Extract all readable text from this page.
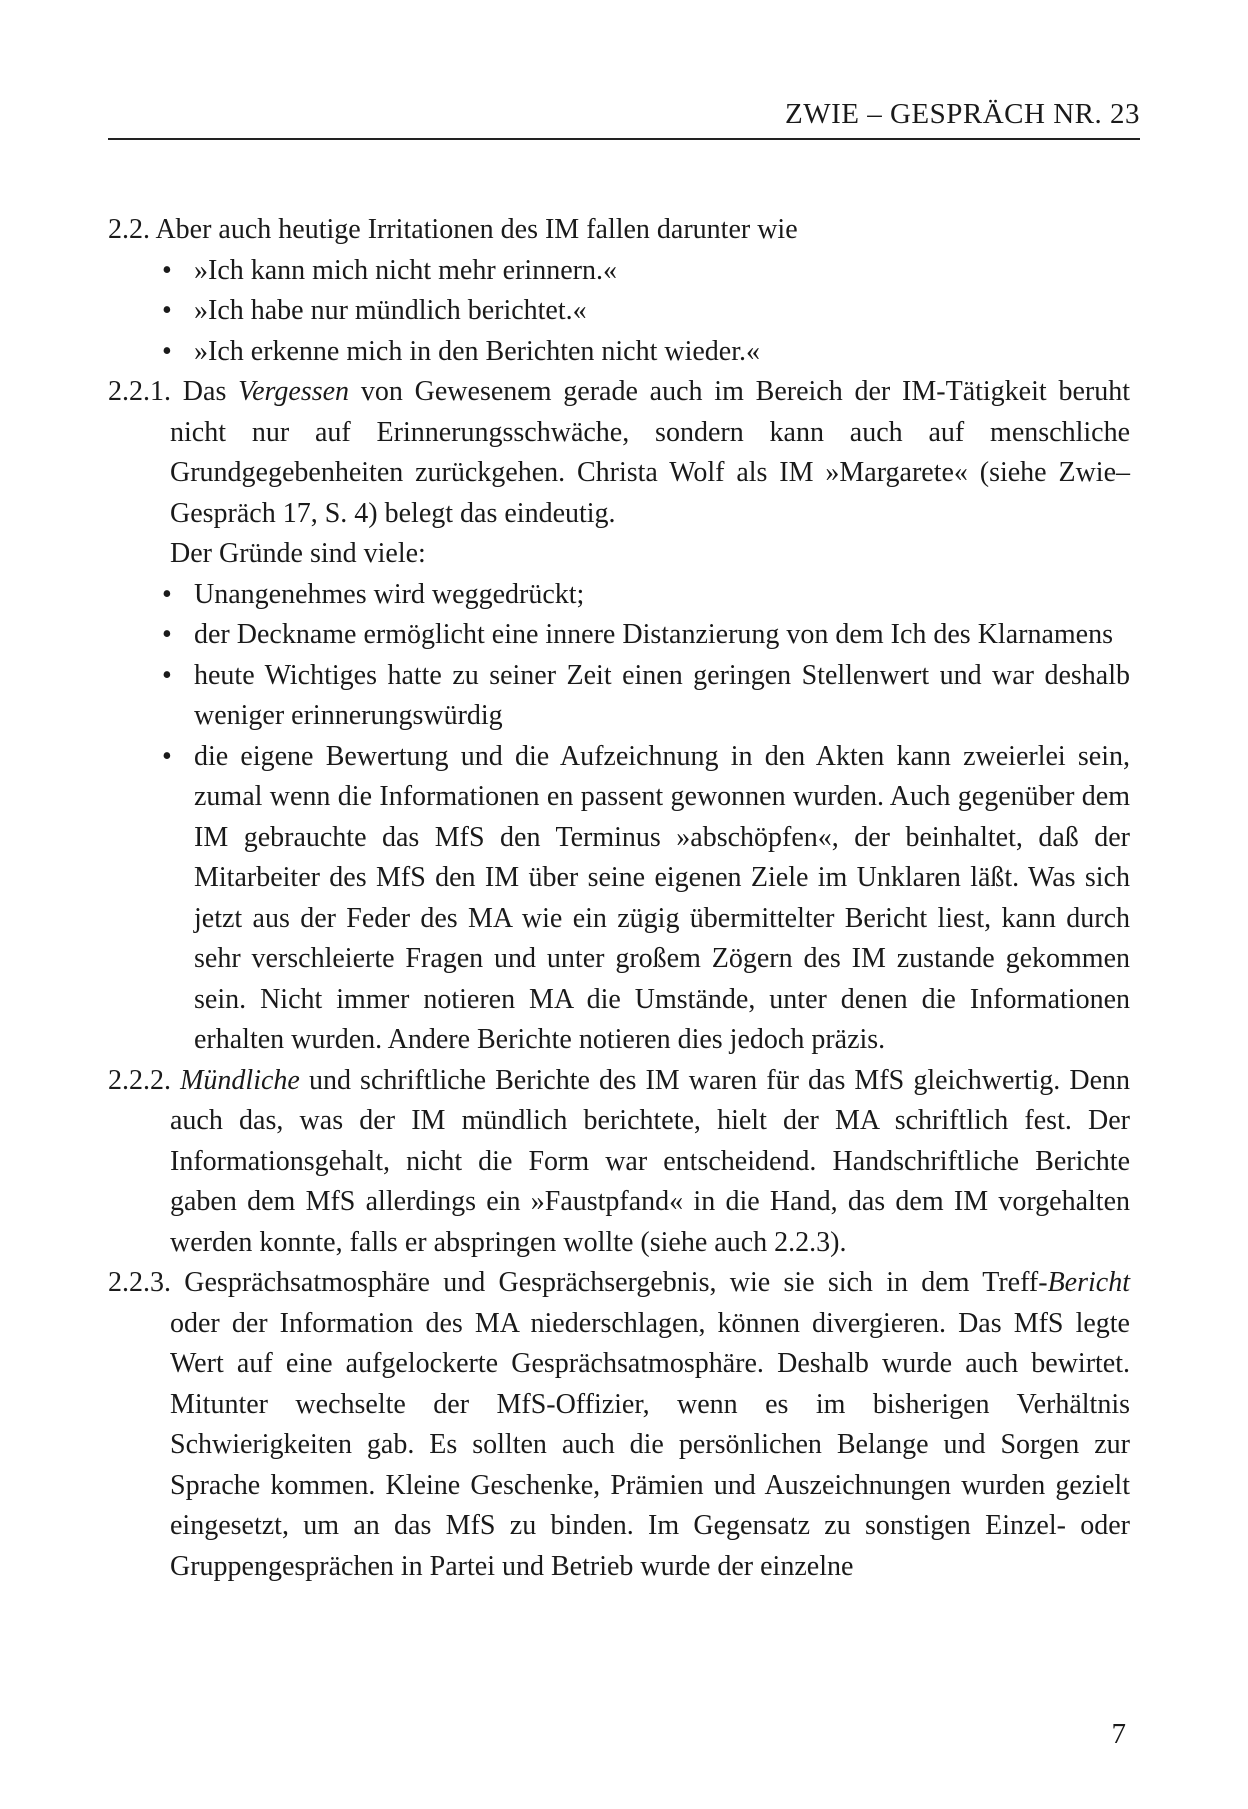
ZWIE – GESPRÄCH NR. 23

2.2. Aber auch heutige Irritationen des IM fallen darunter wie

• »Ich kann mich nicht mehr erinnern.«
• »Ich habe nur mündlich berichtet.«
• »Ich erkenne mich in den Berichten nicht wieder.«

2.2.1. Das Vergessen von Gewesenem gerade auch im Bereich der IM-Tätigkeit beruht nicht nur auf Erinnerungsschwäche, sondern kann auch auf menschliche Grundgegebenheiten zurückgehen. Christa Wolf als IM »Margarete« (siehe Zwie–Gespräch 17, S. 4) belegt das eindeutig.

Der Gründe sind viele:

• Unangenehmes wird weggedrückt;
• der Deckname ermöglicht eine innere Distanzierung von dem Ich des Klarnamens
• heute Wichtiges hatte zu seiner Zeit einen geringen Stellenwert und war deshalb weniger erinnerungswürdig
• die eigene Bewertung und die Aufzeichnung in den Akten kann zweierlei sein, zumal wenn die Informationen en passent gewonnen wurden. Auch gegenüber dem IM gebrauchte das MfS den Terminus »abschöpfen«, der beinhaltet, daß der Mitarbeiter des MfS den IM über seine eigenen Ziele im Unklaren läßt. Was sich jetzt aus der Feder des MA wie ein zügig übermittelter Bericht liest, kann durch sehr verschleierte Fragen und unter großem Zögern des IM zustande gekommen sein. Nicht immer notieren MA die Umstände, unter denen die Informationen erhalten wurden. Andere Berichte notieren dies jedoch präzis.

2.2.2. Mündliche und schriftliche Berichte des IM waren für das MfS gleichwertig. Denn auch das, was der IM mündlich berichtete, hielt der MA schriftlich fest. Der Informationsgehalt, nicht die Form war entscheidend. Handschriftliche Berichte gaben dem MfS allerdings ein »Faustpfand« in die Hand, das dem IM vorgehalten werden konnte, falls er abspringen wollte (siehe auch 2.2.3).

2.2.3. Gesprächsatmosphäre und Gesprächsergebnis, wie sie sich in dem Treff-Bericht oder der Information des MA niederschlagen, können divergieren. Das MfS legte Wert auf eine aufgelockerte Gesprächsatmosphäre. Deshalb wurde auch bewirtet. Mitunter wechselte der MfS-Offizier, wenn es im bisherigen Verhältnis Schwierigkeiten gab. Es sollten auch die persönlichen Belange und Sorgen zur Sprache kommen. Kleine Geschenke, Prämien und Auszeichnungen wurden gezielt eingesetzt, um an das MfS zu binden. Im Gegensatz zu sonstigen Einzel- oder Gruppengesprächen in Partei und Betrieb wurde der einzelne

7
